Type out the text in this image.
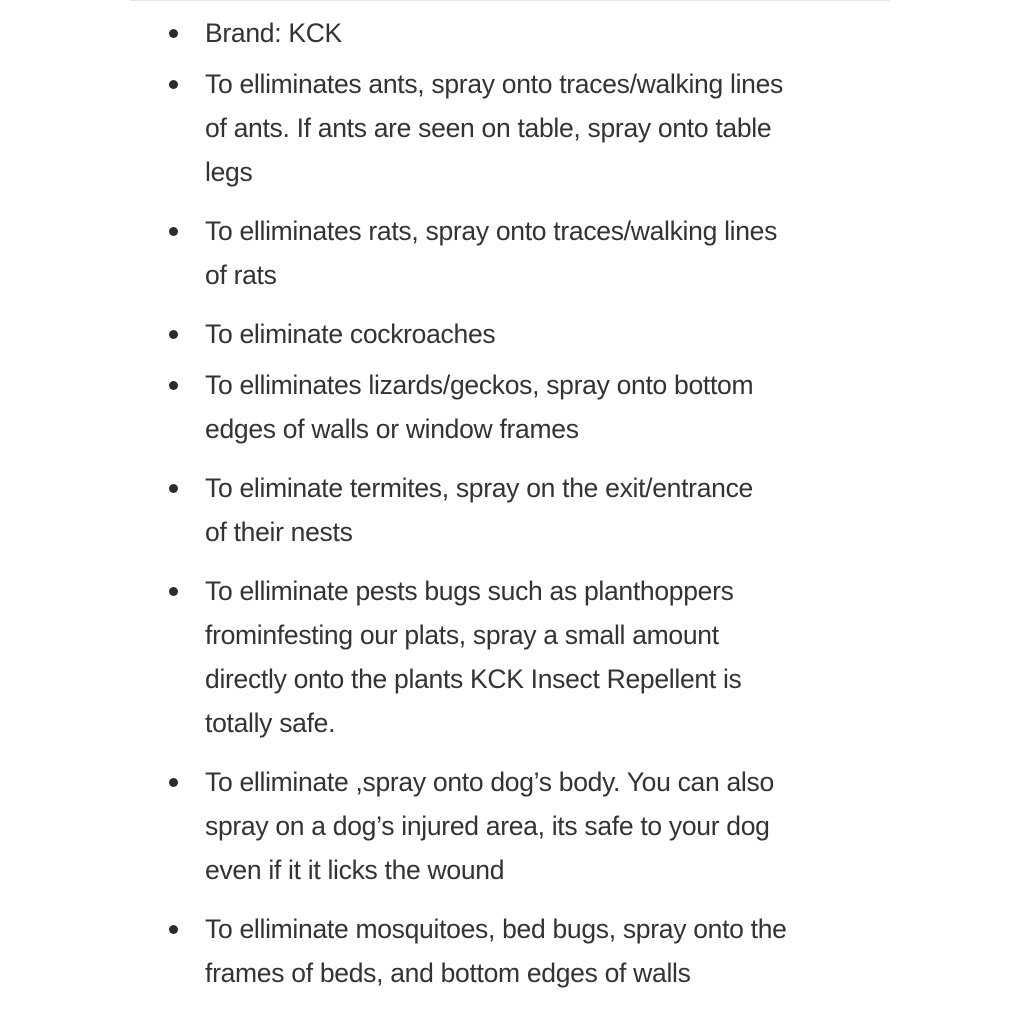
Brand: KCK
To elliminates ants, spray onto traces/walking lines
of ants. If ants are seen on table, spray onto table
legs
To elliminates rats, spray onto traces/walking lines
of rats
To eliminate cockroaches
To elliminates lizards/geckos, spray onto bottom
edges of walls or window frames
To eliminate termites, spray on the exit/entrance
of their nests
To elliminate pests bugs such as planthoppers
frominfesting our plats, spray a small amount
directly onto the plants KCK Insect Repellent is
totally safe.
To elliminate ,spray onto dog’s body. You can also
spray on a dog’s injured area, its safe to your dog
even if it it licks the wound
To elliminate mosquitoes, bed bugs, spray onto the
frames of beds, and bottom edges of walls
